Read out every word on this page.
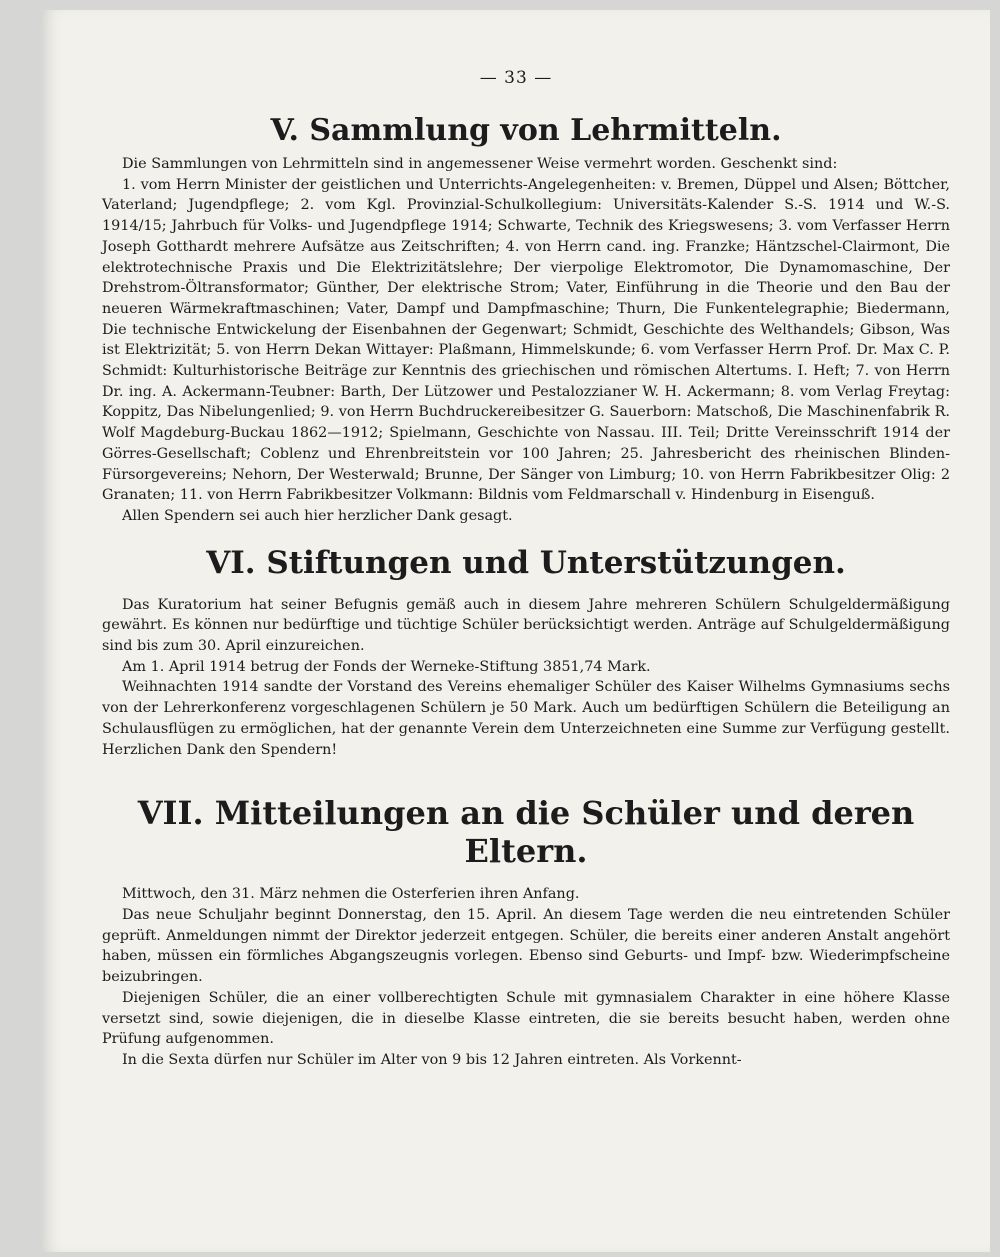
— 33 —
V. Sammlung von Lehrmitteln.

Die Sammlungen von Lehrmitteln sind in angemessener Weise vermehrt worden. Geschenkt sind:

1. vom Herrn Minister der geistlichen und Unterrichts-Angelegenheiten: v. Bremen, Düppel und Alsen; Böttcher, Vaterland; Jugendpflege; 2. vom Kgl. Provinzial-Schulkollegium: Universitäts-Kalender S.-S. 1914 und W.-S. 1914/15; Jahrbuch für Volks- und Jugendpflege 1914; Schwarte, Technik des Kriegswesens; 3. vom Verfasser Herrn Joseph Gotthardt mehrere Aufsätze aus Zeitschriften; 4. von Herrn cand. ing. Franzke; Häntzschel-Clairmont, Die elektrotechnische Praxis und Die Elektrizitätslehre; Der vierpolige Elektromotor, Die Dynamomaschine, Der Drehstrom-Öltransformator; Günther, Der elektrische Strom; Vater, Einführung in die Theorie und den Bau der neueren Wärmekraftmaschinen; Vater, Dampf und Dampfmaschine; Thurn, Die Funkentelegraphie; Biedermann, Die technische Entwickelung der Eisenbahnen der Gegenwart; Schmidt, Geschichte des Welthandels; Gibson, Was ist Elektrizität; 5. von Herrn Dekan Wittayer: Plaßmann, Himmelskunde; 6. vom Verfasser Herrn Prof. Dr. Max C. P. Schmidt: Kulturhistorische Beiträge zur Kenntnis des griechischen und römischen Altertums. I. Heft; 7. von Herrn Dr. ing. A. Ackermann-Teubner: Barth, Der Lützower und Pestalozzianer W. H. Ackermann; 8. vom Verlag Freytag: Koppitz, Das Nibelungenlied; 9. von Herrn Buchdruckereibesitzer G. Sauerborn: Matschoß, Die Maschinenfabrik R. Wolf Magdeburg-Buckau 1862—1912; Spielmann, Geschichte von Nassau. III. Teil; Dritte Vereinsschrift 1914 der Görres-Gesellschaft; Coblenz und Ehrenbreitstein vor 100 Jahren; 25. Jahresbericht des rheinischen Blinden-Fürsorgevereins; Nehorn, Der Westerwald; Brunne, Der Sänger von Limburg; 10. von Herrn Fabrikbesitzer Olig: 2 Granaten; 11. von Herrn Fabrikbesitzer Volkmann: Bildnis vom Feldmarschall v. Hindenburg in Eisenguß.

Allen Spendern sei auch hier herzlicher Dank gesagt.

VI. Stiftungen und Unterstützungen.

Das Kuratorium hat seiner Befugnis gemäß auch in diesem Jahre mehreren Schülern Schulgeldermäßigung gewährt. Es können nur bedürftige und tüchtige Schüler berücksichtigt werden. Anträge auf Schulgeldermäßigung sind bis zum 30. April einzureichen.

Am 1. April 1914 betrug der Fonds der Werneke-Stiftung 3851,74 Mark.

Weihnachten 1914 sandte der Vorstand des Vereins ehemaliger Schüler des Kaiser Wilhelms Gymnasiums sechs von der Lehrerkonferenz vorgeschlagenen Schülern je 50 Mark. Auch um bedürftigen Schülern die Beteiligung an Schulausflügen zu ermöglichen, hat der genannte Verein dem Unterzeichneten eine Summe zur Verfügung gestellt. Herzlichen Dank den Spendern!

VII. Mitteilungen an die Schüler und deren Eltern.

Mittwoch, den 31. März nehmen die Osterferien ihren Anfang.

Das neue Schuljahr beginnt Donnerstag, den 15. April. An diesem Tage werden die neu eintretenden Schüler geprüft. Anmeldungen nimmt der Direktor jederzeit entgegen. Schüler, die bereits einer anderen Anstalt angehört haben, müssen ein förmliches Abgangszeugnis vorlegen. Ebenso sind Geburts- und Impf- bzw. Wiederimpfscheine beizubringen.

Diejenigen Schüler, die an einer vollberechtigten Schule mit gymnasialem Charakter in eine höhere Klasse versetzt sind, sowie diejenigen, die in dieselbe Klasse eintreten, die sie bereits besucht haben, werden ohne Prüfung aufgenommen.

In die Sexta dürfen nur Schüler im Alter von 9 bis 12 Jahren eintreten. Als Vorkennt-
